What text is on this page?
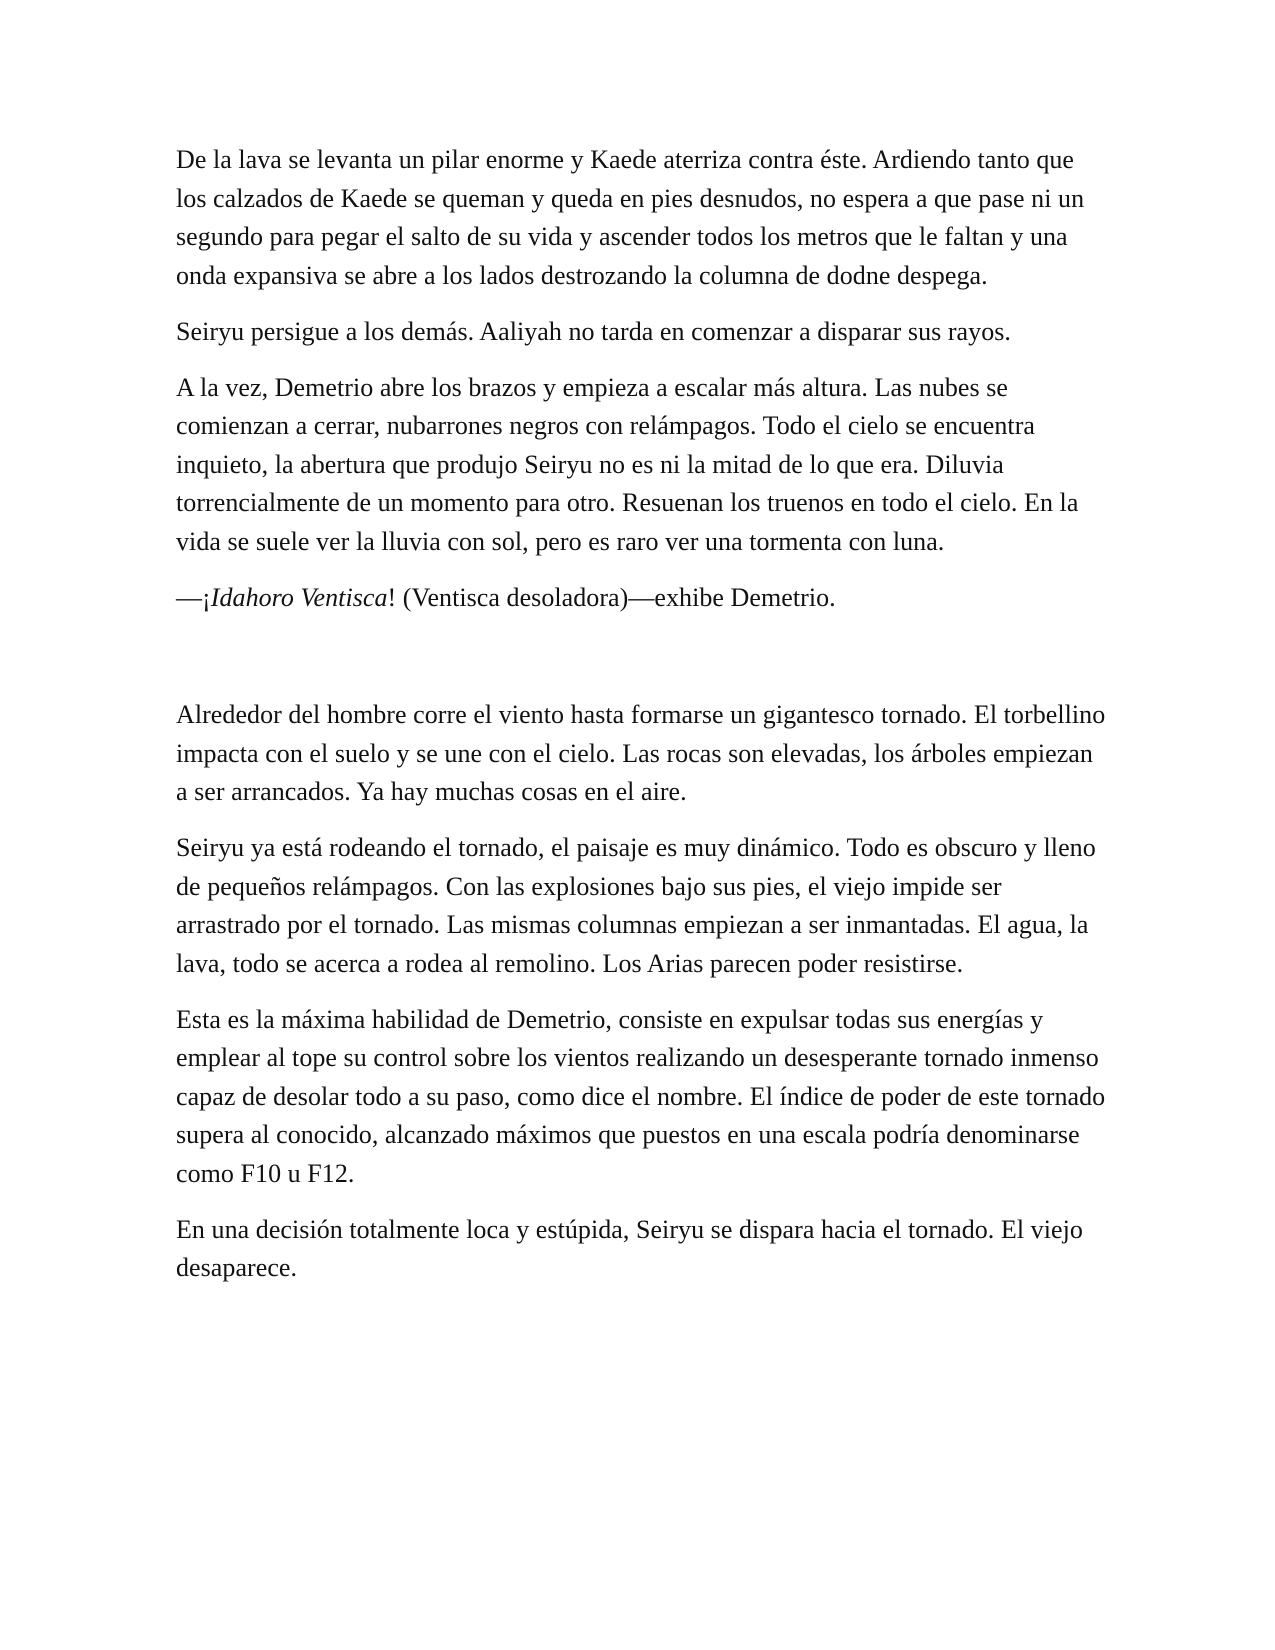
De la lava se levanta un pilar enorme y Kaede aterriza contra éste. Ardiendo tanto que los calzados de Kaede se queman y queda en pies desnudos, no espera a que pase ni un segundo para pegar el salto de su vida y ascender todos los metros que le faltan y una onda expansiva se abre a los lados destrozando la columna de dodne despega.

Seiryu persigue a los demás. Aaliyah no tarda en comenzar a disparar sus rayos.

A la vez, Demetrio abre los brazos y empieza a escalar más altura. Las nubes se comienzan a cerrar, nubarrones negros con relámpagos. Todo el cielo se encuentra inquieto, la abertura que produjo Seiryu no es ni la mitad de lo que era. Diluvia torrencialmente de un momento para otro. Resuenan los truenos en todo el cielo. En la vida se suele ver la lluvia con sol, pero es raro ver una tormenta con luna.

—¡Idahoro Ventisca! (Ventisca desoladora)—exhibe Demetrio.

Alrededor del hombre corre el viento hasta formarse un gigantesco tornado. El torbellino impacta con el suelo y se une con el cielo. Las rocas son elevadas, los árboles empiezan a ser arrancados. Ya hay muchas cosas en el aire.

Seiryu ya está rodeando el tornado, el paisaje es muy dinámico. Todo es obscuro y lleno de pequeños relámpagos. Con las explosiones bajo sus pies, el viejo impide ser arrastrado por el tornado. Las mismas columnas empiezan a ser inmantadas. El agua, la lava, todo se acerca a rodea al remolino. Los Arias parecen poder resistirse.

Esta es la máxima habilidad de Demetrio, consiste en expulsar todas sus energías y emplear al tope su control sobre los vientos realizando un desesperante tornado inmenso capaz de desolar todo a su paso, como dice el nombre. El índice de poder de este tornado supera al conocido, alcanzado máximos que puestos en una escala podría denominarse como F10 u F12.

En una decisión totalmente loca y estúpida, Seiryu se dispara hacia el tornado. El viejo desaparece.
